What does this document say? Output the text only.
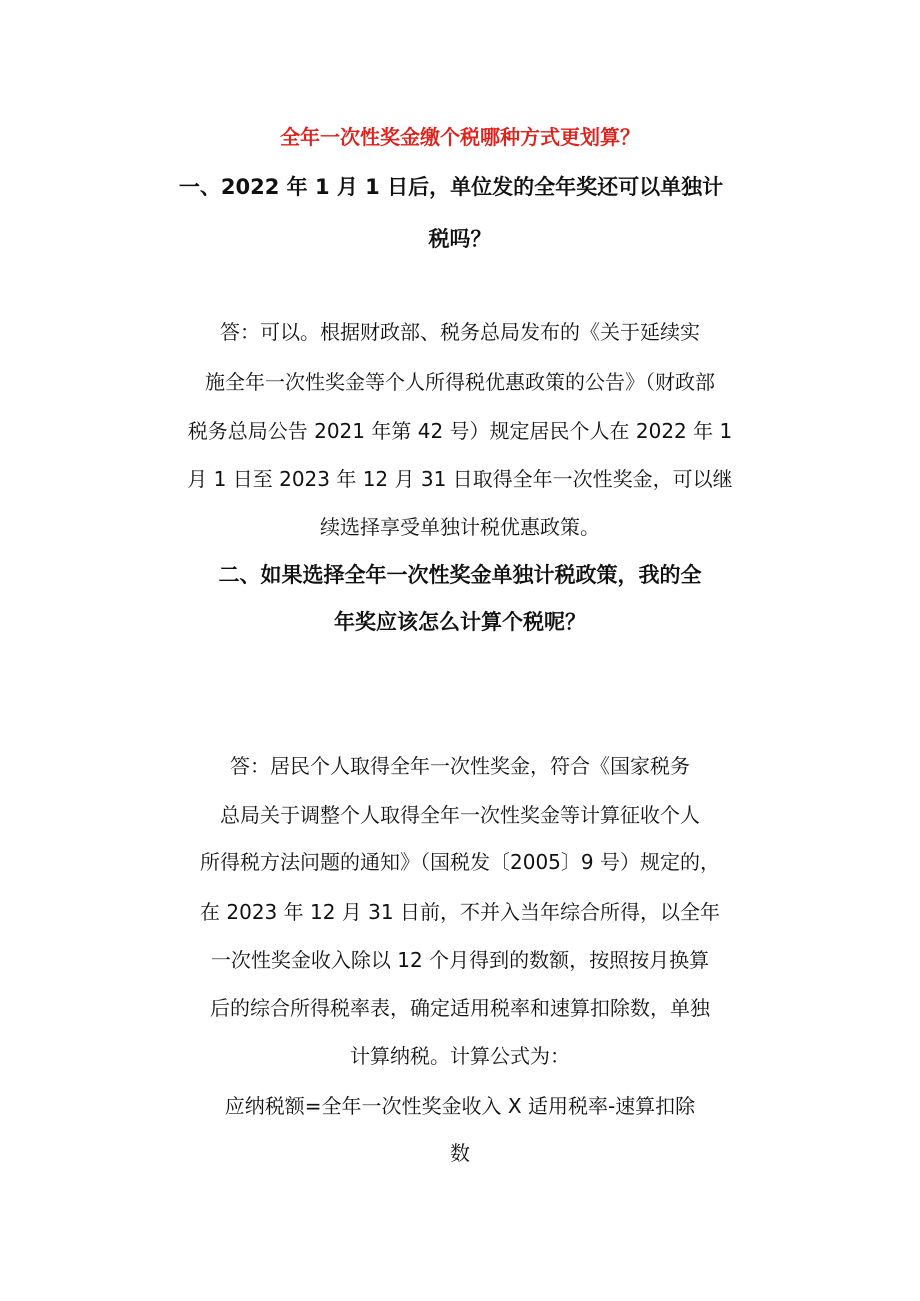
全年一次性奖金缴个税哪种方式更划算？
一、2022 年 1 月 1 日后，单位发的全年奖还可以单独计
税吗？
答：可以。根据财政部、税务总局发布的《关于延续实
施全年一次性奖金等个人所得税优惠政策的公告》（财政部
税务总局公告 2021 年第 42 号）规定居民个人在 2022 年 1
月 1 日至 2023 年 12 月 31 日取得全年一次性奖金，可以继
续选择享受单独计税优惠政策。
二、如果选择全年一次性奖金单独计税政策，我的全
年奖应该怎么计算个税呢？
答：居民个人取得全年一次性奖金，符合《国家税务
总局关于调整个人取得全年一次性奖金等计算征收个人
所得税方法问题的通知》（国税发〔2005〕9 号）规定的，
在 2023 年 12 月 31 日前，不并入当年综合所得，以全年
一次性奖金收入除以 12 个月得到的数额，按照按月换算
后的综合所得税率表，确定适用税率和速算扣除数，单独
计算纳税。计算公式为：
应纳税额=全年一次性奖金收入 X 适用税率-速算扣除
数
